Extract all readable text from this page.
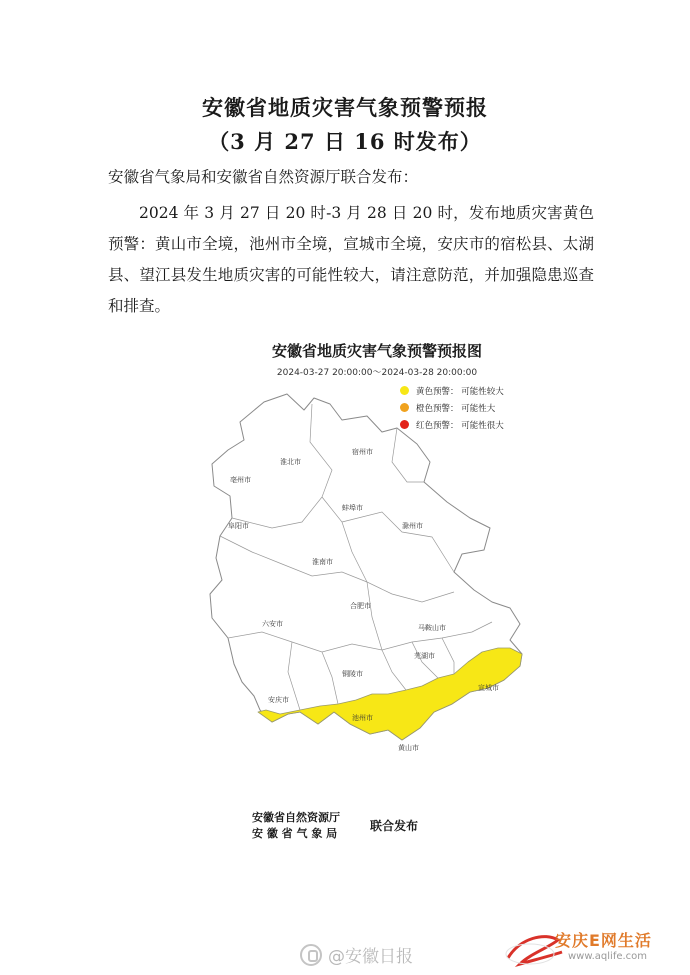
安徽省地质灾害气象预警预报
（3 月 27 日 16 时发布）
安徽省气象局和安徽省自然资源厅联合发布：
2024 年 3 月 27 日 20 时-3 月 28 日 20 时，发布地质灾害黄色预警：黄山市全境，池州市全境，宣城市全境，安庆市的宿松县、太湖县、望江县发生地质灾害的可能性较大，请注意防范，并加强隐患巡查和排查。
宿州市
淮北市
亳州市
蚌埠市
阜阳市
淮南市
滁州市
合肥市
六安市	马鞍山市
芜湖市
铜陵市
安庆市
池州市
宣城市
黄山市
安徽省地质灾害气象预警预报图
2024-03-27 20:00:00～2024-03-28 20:00:00
黄色预警： 可能性较大
橙色预警： 可能性大
红色预警： 可能性很大
安徽省自然资源厅
安 徽 省 气 象 局
联合发布
@安徽日报
安庆E网生活
www.aqlife.com
